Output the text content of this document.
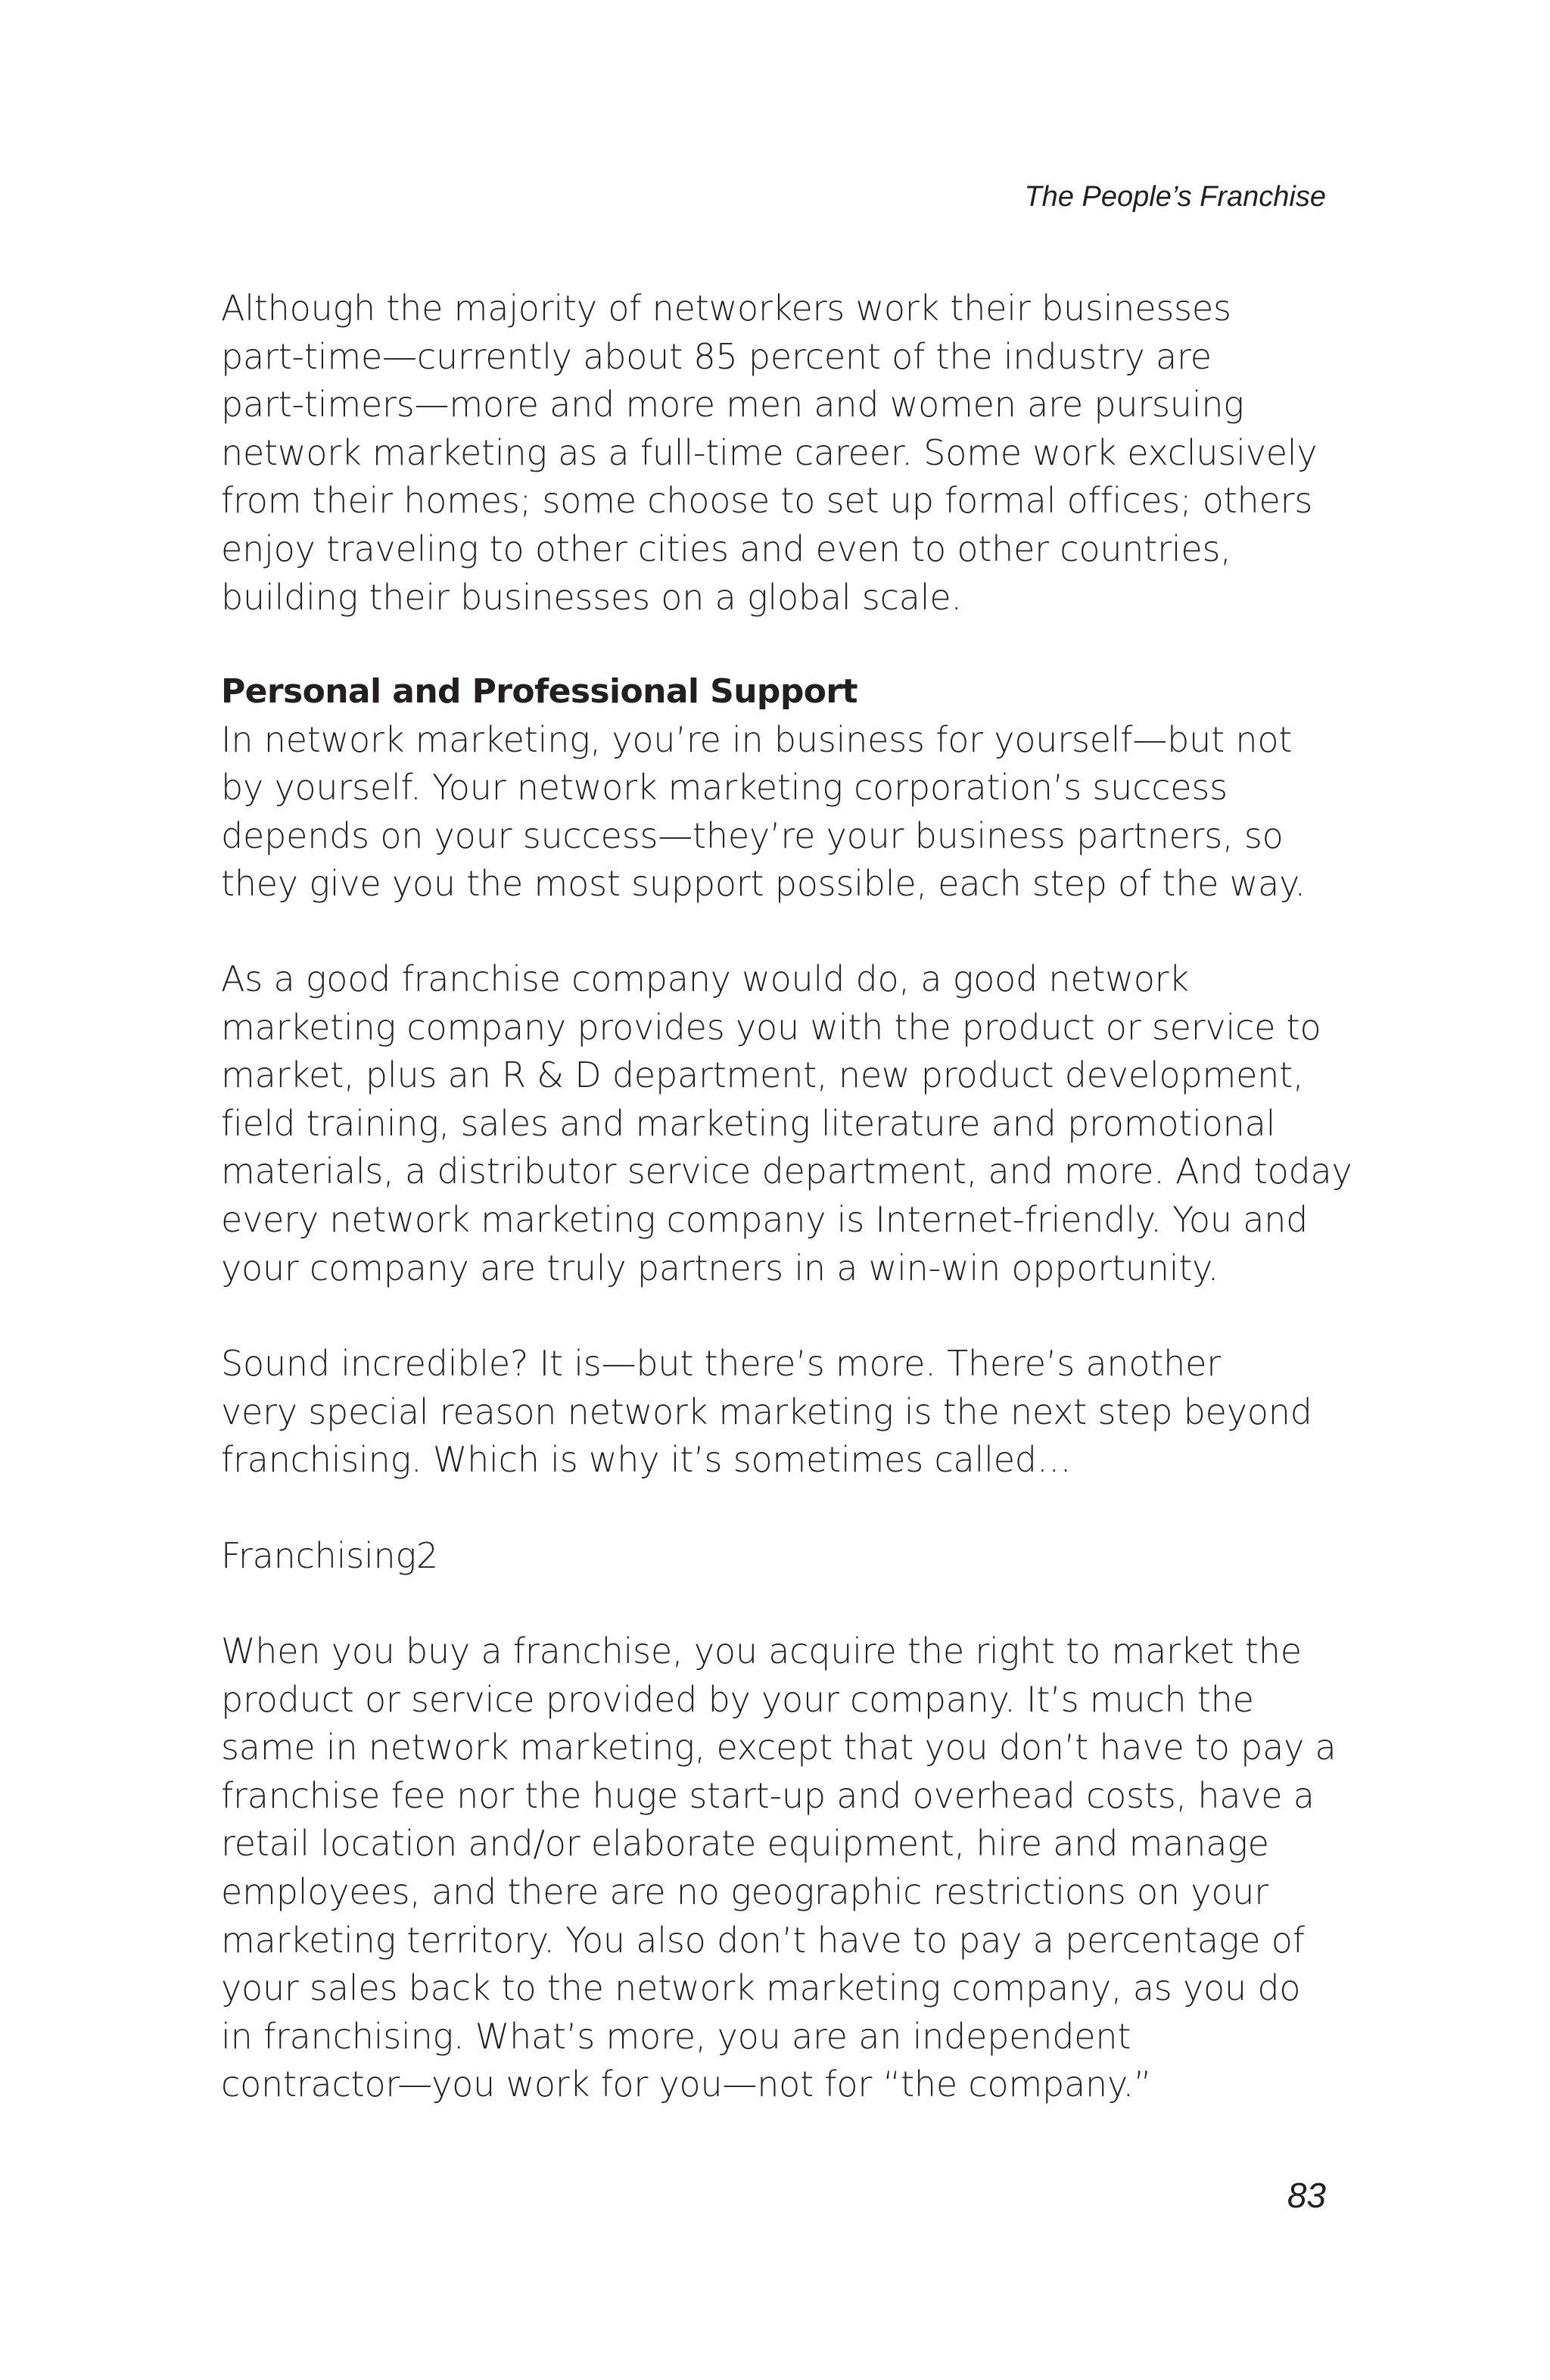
The People’s Franchise

Although the majority of networkers work their businesses
part-time—currently about 85 percent of the industry are
part-timers—more and more men and women are pursuing
network marketing as a full-time career. Some work exclusively
from their homes; some choose to set up formal offices; others
enjoy traveling to other cities and even to other countries,
building their businesses on a global scale.

Personal and Professional Support

In network marketing, you’re in business for yourself—but not
by yourself. Your network marketing corporation’s success
depends on your success—they’re your business partners, so
they give you the most support possible, each step of the way.

As a good franchise company would do, a good network
marketing company provides you with the product or service to
market, plus an R & D department, new product development,
field training, sales and marketing literature and promotional
materials, a distributor service department, and more. And today
every network marketing company is Internet-friendly. You and
your company are truly partners in a win-win opportunity.

Sound incredible? It is—but there’s more. There’s another
very special reason network marketing is the next step beyond
franchising. Which is why it’s sometimes called…

Franchising2

When you buy a franchise, you acquire the right to market the
product or service provided by your company. It’s much the
same in network marketing, except that you don’t have to pay a
franchise fee nor the huge start-up and overhead costs, have a
retail location and/or elaborate equipment, hire and manage
employees, and there are no geographic restrictions on your
marketing territory. You also don’t have to pay a percentage of
your sales back to the network marketing company, as you do
in franchising. What’s more, you are an independent
contractor—you work for you—not for “the company.”

83
